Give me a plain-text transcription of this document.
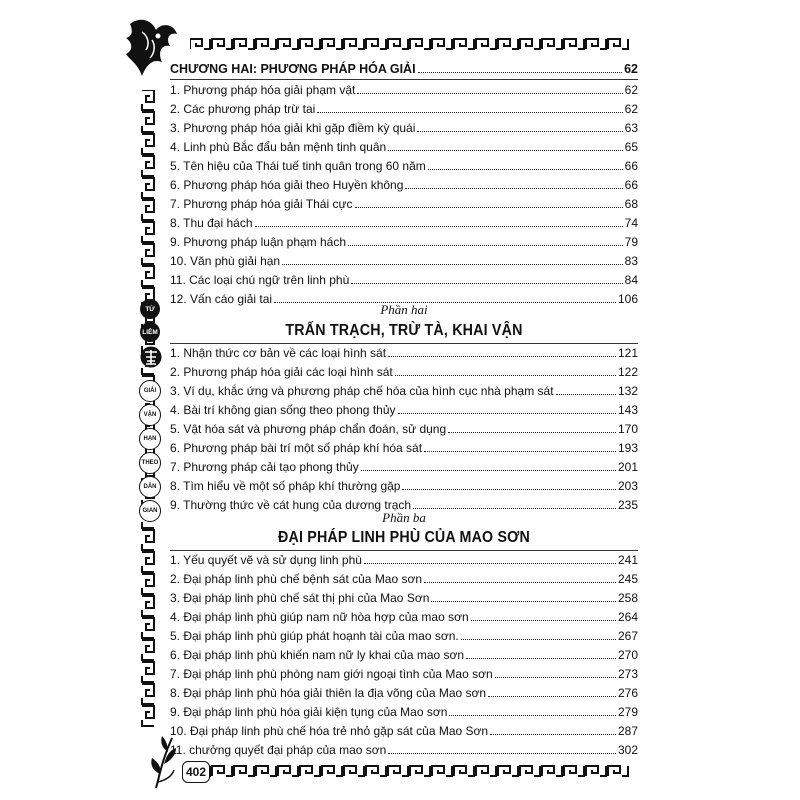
TỪ
LIÊM
GIẢI
VẬN
HẠN
THEO
DÂN
GIAN
CHƯƠNG HAI: PHƯƠNG PHÁP HÓA GIẢI	62
1. Phương pháp hóa giải phạm vật	62
2. Các phương pháp trừ tai	62
3. Phương pháp hóa giải khi gặp điềm kỳ quái	63
4. Linh phù Bắc đẩu bản mệnh tinh quân	65
5. Tên hiệu của Thái tuế tinh quân trong 60 năm	66
6. Phương pháp hóa giải theo Huyền không	66
7. Phương pháp hóa giải Thái cực	68
8. Thu đại hách	74
9. Phương pháp luận phạm hách	79
10. Văn phù giải hạn	83
11. Các loại chú ngữ trên linh phù	84
12. Vấn cáo giải tai	106
Phần hai
TRẤN TRẠCH, TRỪ TÀ, KHAI VẬN
1. Nhận thức cơ bản về các loại hình sát	121
2. Phương pháp hóa giải các loại hình sát	122
3. Ví dụ, khắc ứng và phương pháp chế hóa của hình cục nhà phạm sát	132
4. Bài trí không gian sống theo phong thủy	143
5. Vật hóa sát và phương pháp chẩn đoán, sử dụng	170
6. Phương pháp bài trí một số pháp khí hóa sát	193
7. Phương pháp cải tạo phong thủy	201
8. Tìm hiểu về một số pháp khí thường gặp	203
9. Thường thức về cát hung của dương trạch	235
Phần ba
ĐẠI PHÁP LINH PHÙ CỦA MAO SƠN
1. Yếu quyết vẽ và sử dụng linh phù	241
2. Đại pháp linh phù chế bệnh sát của Mao sơn	245
3. Đại pháp linh phù chế sát thị phi của Mao Sơn	258
4. Đại pháp linh phù giúp nam nữ hòa hợp của mao sơn	264
5. Đại pháp linh phù giúp phát hoạnh tài của mao sơn.	267
6. Đại pháp linh phù khiến nam nữ ly khai của mao sơn	270
7. Đại pháp linh phù phòng nam giới ngoại tình của Mao sơn	273
8. Đại pháp linh phù hóa giải thiên la địa võng của Mao sơn	276
9. Đại pháp linh phù hóa giải kiện tụng của Mao sơn	279
10. Đại pháp linh phù chế hóa trẻ nhỏ gặp sát của Mao Sơn	287
11. chưởng quyết đại pháp của mao sơn	302
402
